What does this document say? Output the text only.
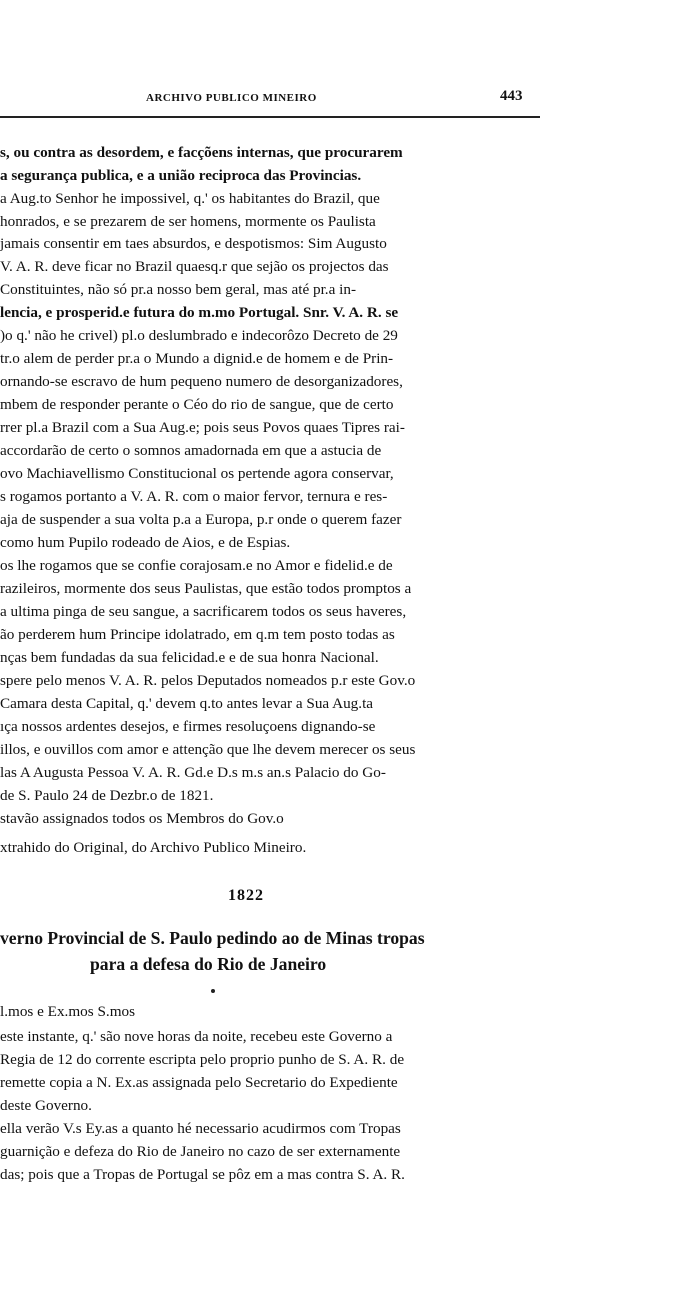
ARCHIVO PUBLICO MINEIRO	443
s, ou contra as desordem, e facçõens internas, que procurarem
a segurança publica, e a união reciproca das Provincias.
a Aug.to Senhor he impossivel, q.' os habitantes do Brazil, que
honrados, e se prezarem de ser homens, mormente os Paulista
jamais consentir em taes absurdos, e despotismos: Sim Augusto
V. A. R. deve ficar no Brazil quaesq.r que sejão os projectos das
Constituintes, não só pr.a nosso bem geral, mas até pr.a in-
lencia, e prosperid.e futura do m.mo Portugal. Snr. V. A. R. se
)o q.' não he crivel) pl.o deslumbrado e indecorôzo Decreto de 29
tr.o alem de perder pr.a o Mundo a dignid.e de homem e de Prin-
ornando-se escravo de hum pequeno numero de desorganizadores,
mbem de responder perante o Céo do rio de sangue, que de certo
rrer pl.a Brazil com a Sua Aug.e; pois seus Povos quaes Tipres rai-
accordarão de certo o somnos amadornada em que a astucia de
ovo Machiavellismo Constitucional os pertende agora conservar,
s rogamos portanto a V. A. R. com o maior fervor, ternura e res-
aja de suspender a sua volta p.a a Europa, p.r onde o querem fazer
como hum Pupilo rodeado de Aios, e de Espias.
os lhe rogamos que se confie corajosam.e no Amor e fidelid.e de
razileiros, mormente dos seus Paulistas, que estão todos promptos a
a ultima pinga de seu sangue, a sacrificarem todos os seus haveres,
ão perderem hum Principe idolatrado, em q.m tem posto todas as
nças bem fundadas da sua felicidad.e e de sua honra Nacional.
spere pelo menos V. A. R. pelos Deputados nomeados p.r este Gov.o
Camara desta Capital, q.' devem q.to antes levar a Sua Aug.ta
ıça nossos ardentes desejos, e firmes resoluçoens dignando-se
illos, e ouvillos com amor e attenção que lhe devem merecer os seus
las A Augusta Pessoa V. A. R. Gd.e D.s m.s an.s Palacio do Go-
de S. Paulo 24 de Dezbr.o de 1821.
stavão assignados todos os Membros do Gov.o
xtrahido do Original, do Archivo Publico Mineiro.
1822
verno Provincial de S. Paulo pedindo ao de Minas tropas
para a defesa do Rio de Janeiro
l.mos e Ex.mos S.mos
este instante, q.' são nove horas da noite, recebeu este Governo a
Regia de 12 do corrente escripta pelo proprio punho de S. A. R. de
remette copia a N. Ex.as assignada pelo Secretario do Expediente
deste Governo.
ella verão V.s Ey.as a quanto hé necessario acudirmos com Tropas
guarnição e defeza do Rio de Janeiro no cazo de ser externamente
das; pois que a Tropas de Portugal se pôz em a mas contra S. A. R.
